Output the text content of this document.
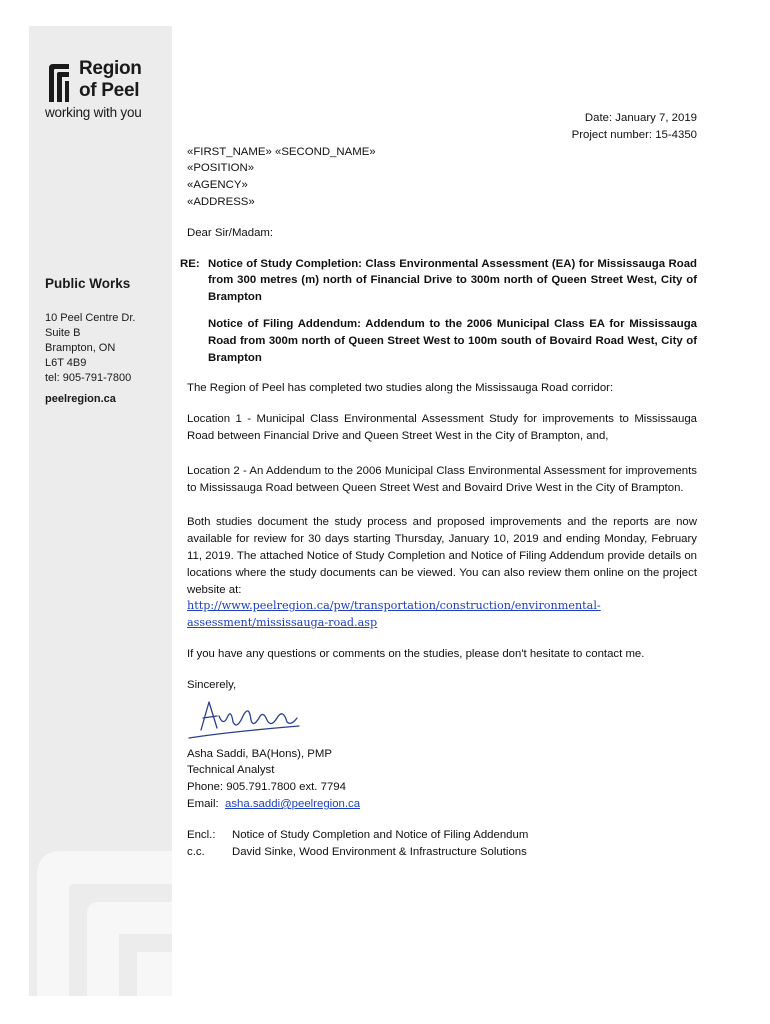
Region
of Peel
working with you
Public Works
10 Peel Centre Dr.
Suite B
Brampton, ON
L6T 4B9
tel: 905-791-7800
peelregion.ca
Date: January 7, 2019
Project number: 15-4350
«FIRST_NAME» «SECOND_NAME»
«POSITION»
«AGENCY»
«ADDRESS»
Dear Sir/Madam:
RE: Notice of Study Completion: Class Environmental Assessment (EA) for Mississauga Road from 300 metres (m) north of Financial Drive to 300m north of Queen Street West, City of Brampton
Notice of Filing Addendum: Addendum to the 2006 Municipal Class EA for Mississauga Road from 300m north of Queen Street West to 100m south of Bovaird Road West, City of Brampton

The Region of Peel has completed two studies along the Mississauga Road corridor:

Location 1 - Municipal Class Environmental Assessment Study for improvements to Mississauga Road between Financial Drive and Queen Street West in the City of Brampton, and,

Location 2 - An Addendum to the 2006 Municipal Class Environmental Assessment for improvements to Mississauga Road between Queen Street West and Bovaird Drive West in the City of Brampton.

Both studies document the study process and proposed improvements and the reports are now available for review for 30 days starting Thursday, January 10, 2019 and ending Monday, February 11, 2019. The attached Notice of Study Completion and Notice of Filing Addendum provide details on locations where the study documents can be viewed. You can also review them online on the project website at:

http://www.peelregion.ca/pw/transportation/construction/environmental-
assessment/mississauga-road.asp

If you have any questions or comments on the studies, please don't hesitate to contact me.

Sincerely,
Asha Saddi, BA(Hons), PMP
Technical Analyst
Phone: 905.791.7800 ext. 7794
Email: asha.saddi@peelregion.ca
Encl.:	Notice of Study Completion and Notice of Filing Addendum
c.c.	David Sinke, Wood Environment & Infrastructure Solutions
